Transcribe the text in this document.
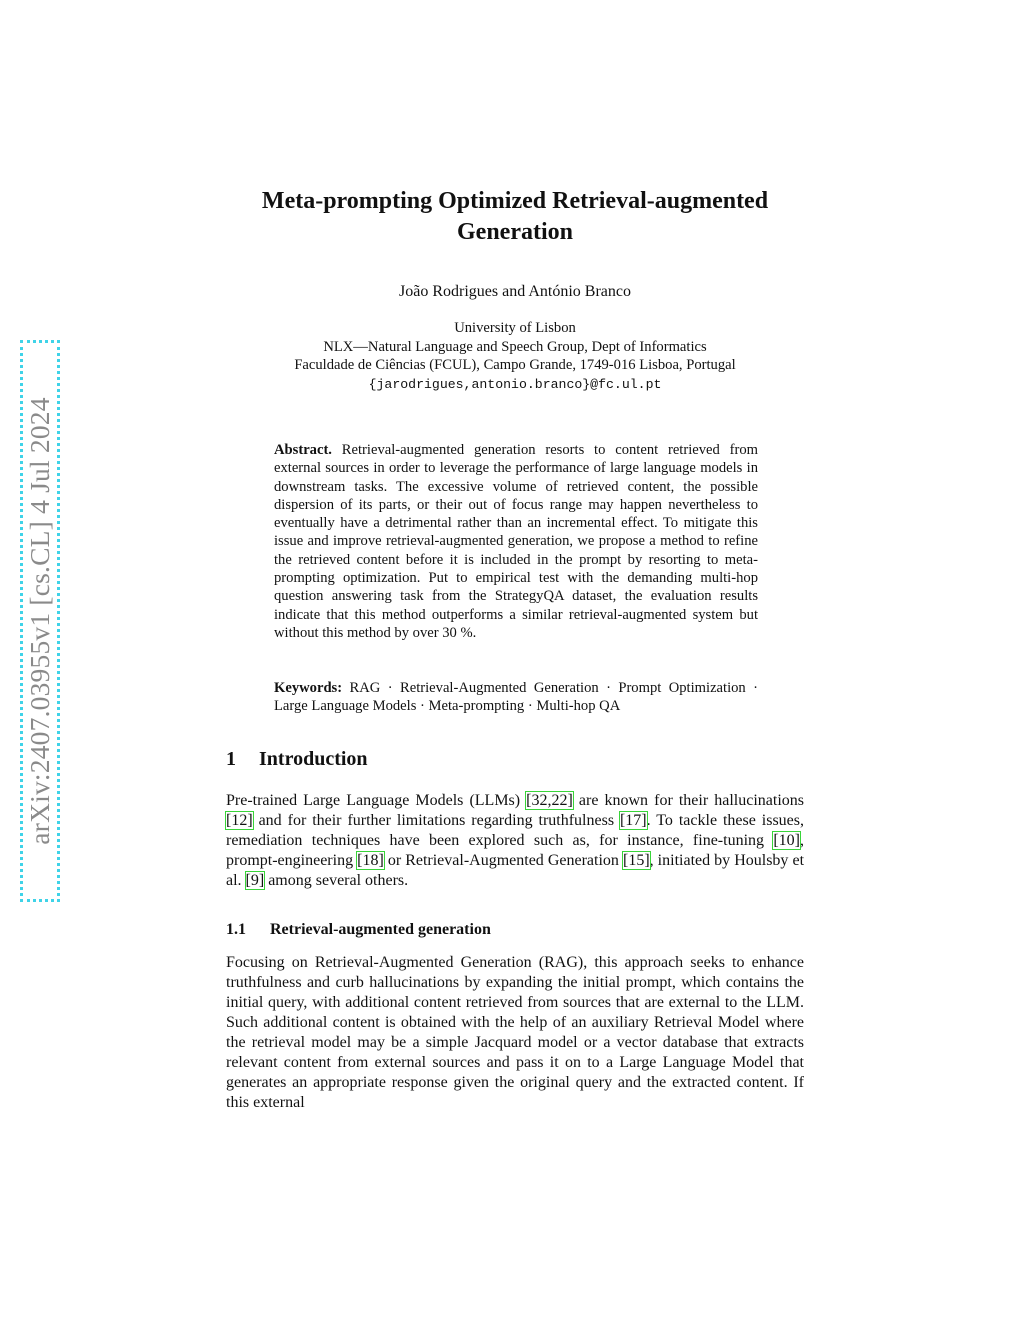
arXiv:2407.03955v1 [cs.CL] 4 Jul 2024
Meta-prompting Optimized Retrieval-augmented
Generation

João Rodrigues and António Branco

University of Lisbon
NLX—Natural Language and Speech Group, Dept of Informatics
Faculdade de Ciências (FCUL), Campo Grande, 1749-016 Lisboa, Portugal
{jarodrigues,antonio.branco}@fc.ul.pt

Abstract. Retrieval-augmented generation resorts to content retrieved from external sources in order to leverage the performance of large language models in downstream tasks. The excessive volume of retrieved content, the possible dispersion of its parts, or their out of focus range may happen nevertheless to eventually have a detrimental rather than an incremental effect. To mitigate this issue and improve retrieval-augmented generation, we propose a method to refine the retrieved content before it is included in the prompt by resorting to meta-prompting optimization. Put to empirical test with the demanding multi-hop question answering task from the StrategyQA dataset, the evaluation results indicate that this method outperforms a similar retrieval-augmented system but without this method by over 30 %.

Keywords: RAG · Retrieval-Augmented Generation · Prompt Optimization · Large Language Models · Meta-prompting · Multi-hop QA

1 Introduction

Pre-trained Large Language Models (LLMs) [32,22] are known for their hallucinations [12] and for their further limitations regarding truthfulness [17]. To tackle these issues, remediation techniques have been explored such as, for instance, fine-tuning [10], prompt-engineering [18] or Retrieval-Augmented Generation [15], initiated by Houlsby et al. [9] among several others.

1.1 Retrieval-augmented generation

Focusing on Retrieval-Augmented Generation (RAG), this approach seeks to enhance truthfulness and curb hallucinations by expanding the initial prompt, which contains the initial query, with additional content retrieved from sources that are external to the LLM. Such additional content is obtained with the help of an auxiliary Retrieval Model where the retrieval model may be a simple Jacquard model or a vector database that extracts relevant content from external sources and pass it on to a Large Language Model that generates an appropriate response given the original query and the extracted content. If this external
